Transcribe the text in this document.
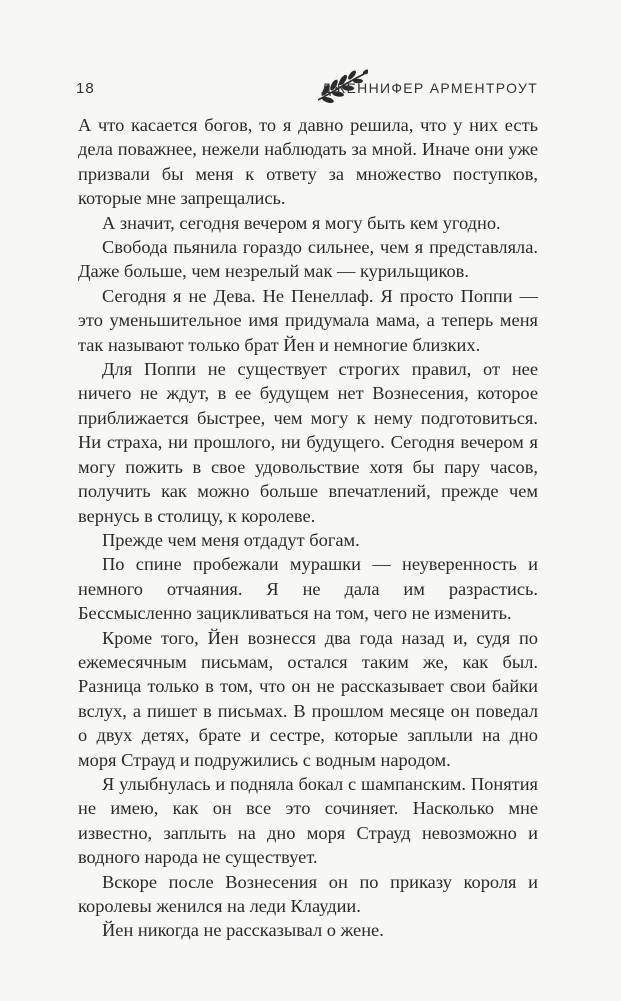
18	ДЖЕННИФЕР АРМЕНТРОУТ

А что касается богов, то я давно решила, что у них есть дела поважнее, нежели наблюдать за мной. Иначе они уже призвали бы меня к ответу за множество поступков, которые мне запрещались.

А значит, сегодня вечером я могу быть кем угодно.

Свобода пьянила гораздо сильнее, чем я представляла. Даже больше, чем незрелый мак — курильщиков.

Сегодня я не Дева. Не Пенеллаф. Я просто Поппи — это уменьшительное имя придумала мама, а теперь меня так называют только брат Йен и немногие близких.

Для Поппи не существует строгих правил, от нее ничего не ждут, в ее будущем нет Вознесения, которое приближается быстрее, чем могу к нему подготовиться. Ни страха, ни прошлого, ни будущего. Сегодня вечером я могу пожить в свое удовольствие хотя бы пару часов, получить как можно больше впечатлений, прежде чем вернусь в столицу, к королеве.

Прежде чем меня отдадут богам.

По спине пробежали мурашки — неуверенность и немного отчаяния. Я не дала им разрастись. Бессмысленно зацикливаться на том, чего не изменить.

Кроме того, Йен вознесся два года назад и, судя по ежемесячным письмам, остался таким же, как был. Разница только в том, что он не рассказывает свои байки вслух, а пишет в письмах. В прошлом месяце он поведал о двух детях, брате и сестре, которые заплыли на дно моря Страуд и подружились с водным народом.

Я улыбнулась и подняла бокал с шампанским. Понятия не имею, как он все это сочиняет. Насколько мне известно, заплыть на дно моря Страуд невозможно и водного народа не существует.

Вскоре после Вознесения он по приказу короля и королевы женился на леди Клаудии.

Йен никогда не рассказывал о жене.
